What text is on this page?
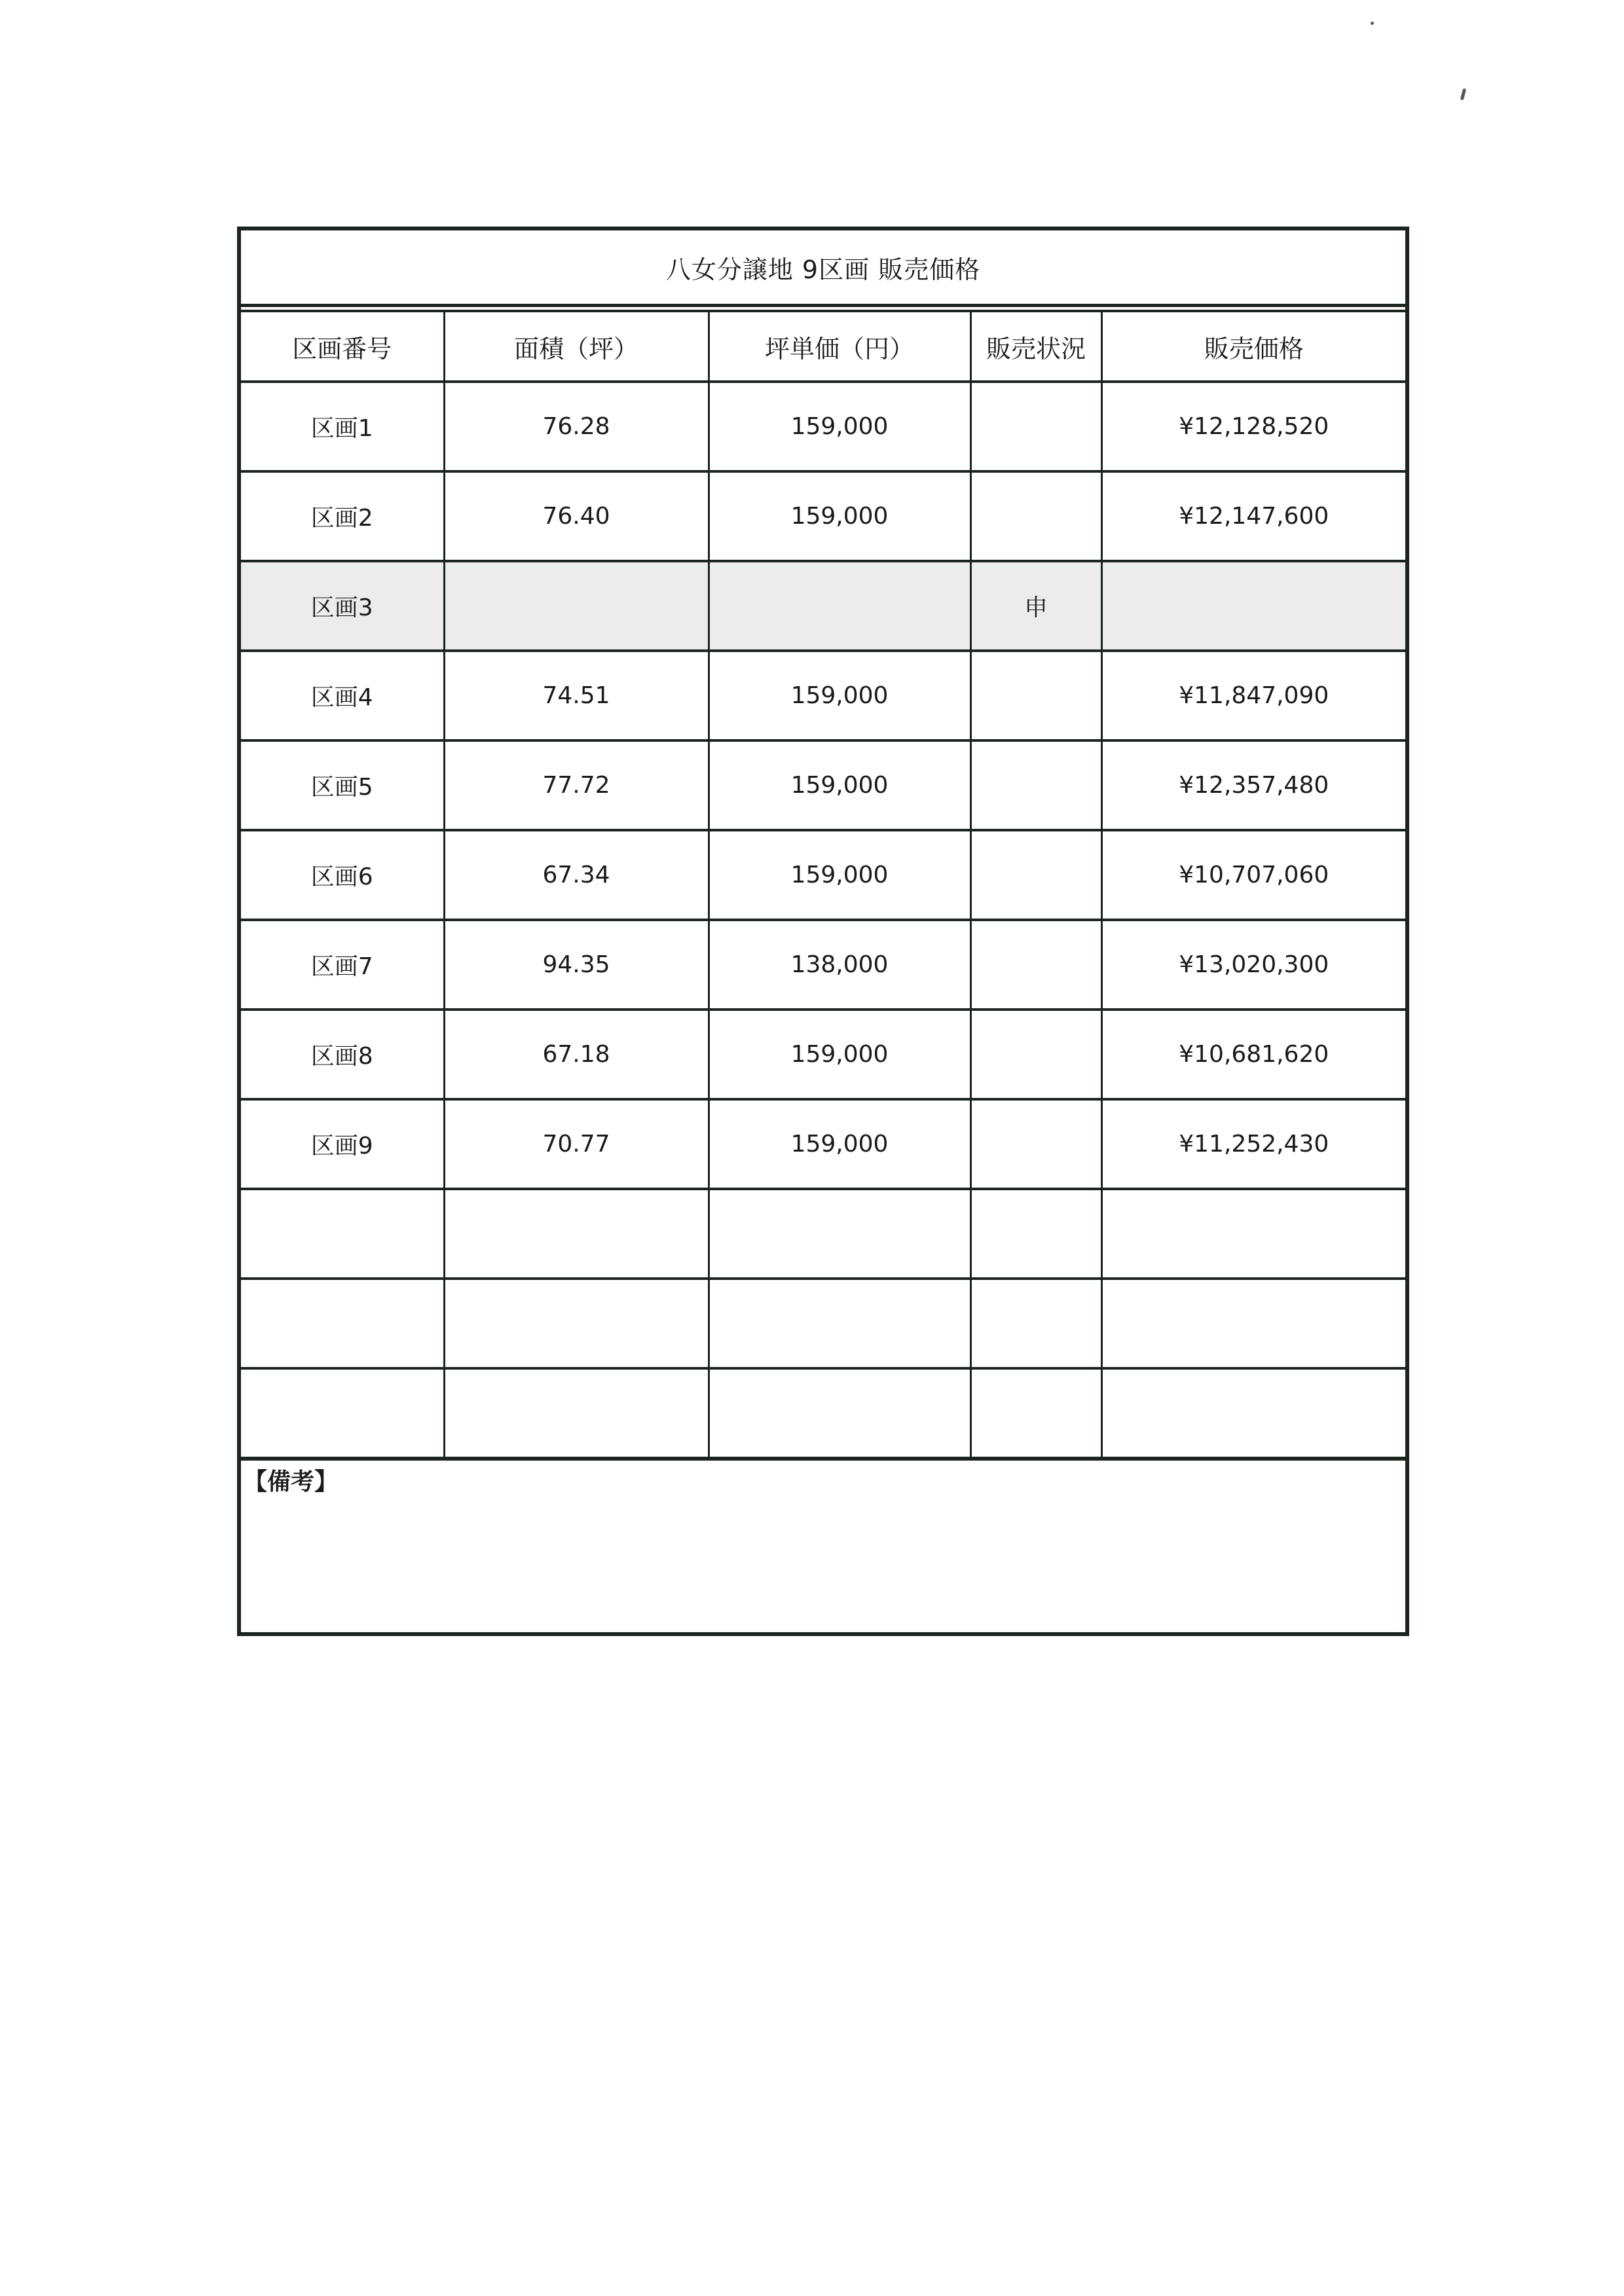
八女分譲地 9区画 販売価格
区画番号	面積（坪）	坪単価（円）	販売状況	販売価格
区画1	76.28	159,000		¥12,128,520
区画2	76.40	159,000		¥12,147,600
区画3			申	
区画4	74.51	159,000		¥11,847,090
区画5	77.72	159,000		¥12,357,480
区画6	67.34	159,000		¥10,707,060
区画7	94.35	138,000		¥13,020,300
区画8	67.18	159,000		¥10,681,620
区画9	70.77	159,000		¥11,252,430

【備考】
